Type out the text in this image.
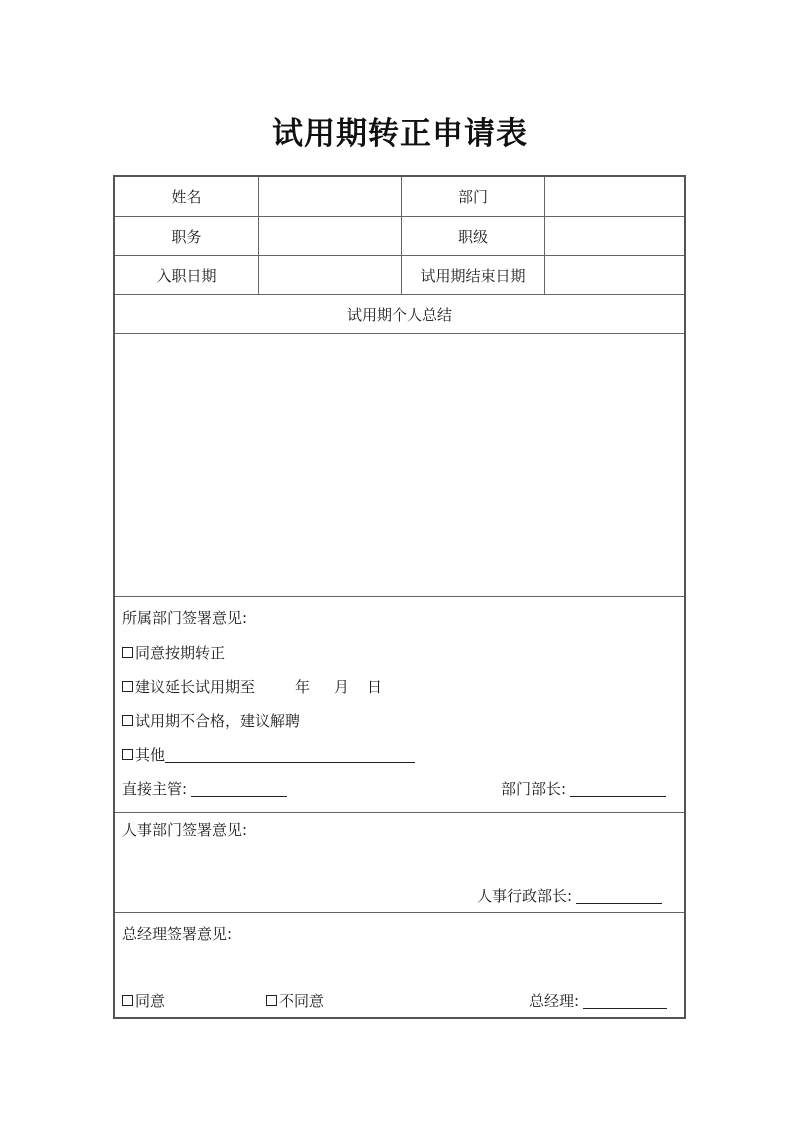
试用期转正申请表
姓名	部门
职务	职级
入职日期	试用期结束日期
试用期个人总结
所属部门签署意见:
同意按期转正
建议延长试用期至	年 月 日
试用期不合格，建议解聘
其他
直接主管:	部门部长:
人事部门签署意见:
人事行政部长:
总经理签署意见:
同意	不同意	总经理:
